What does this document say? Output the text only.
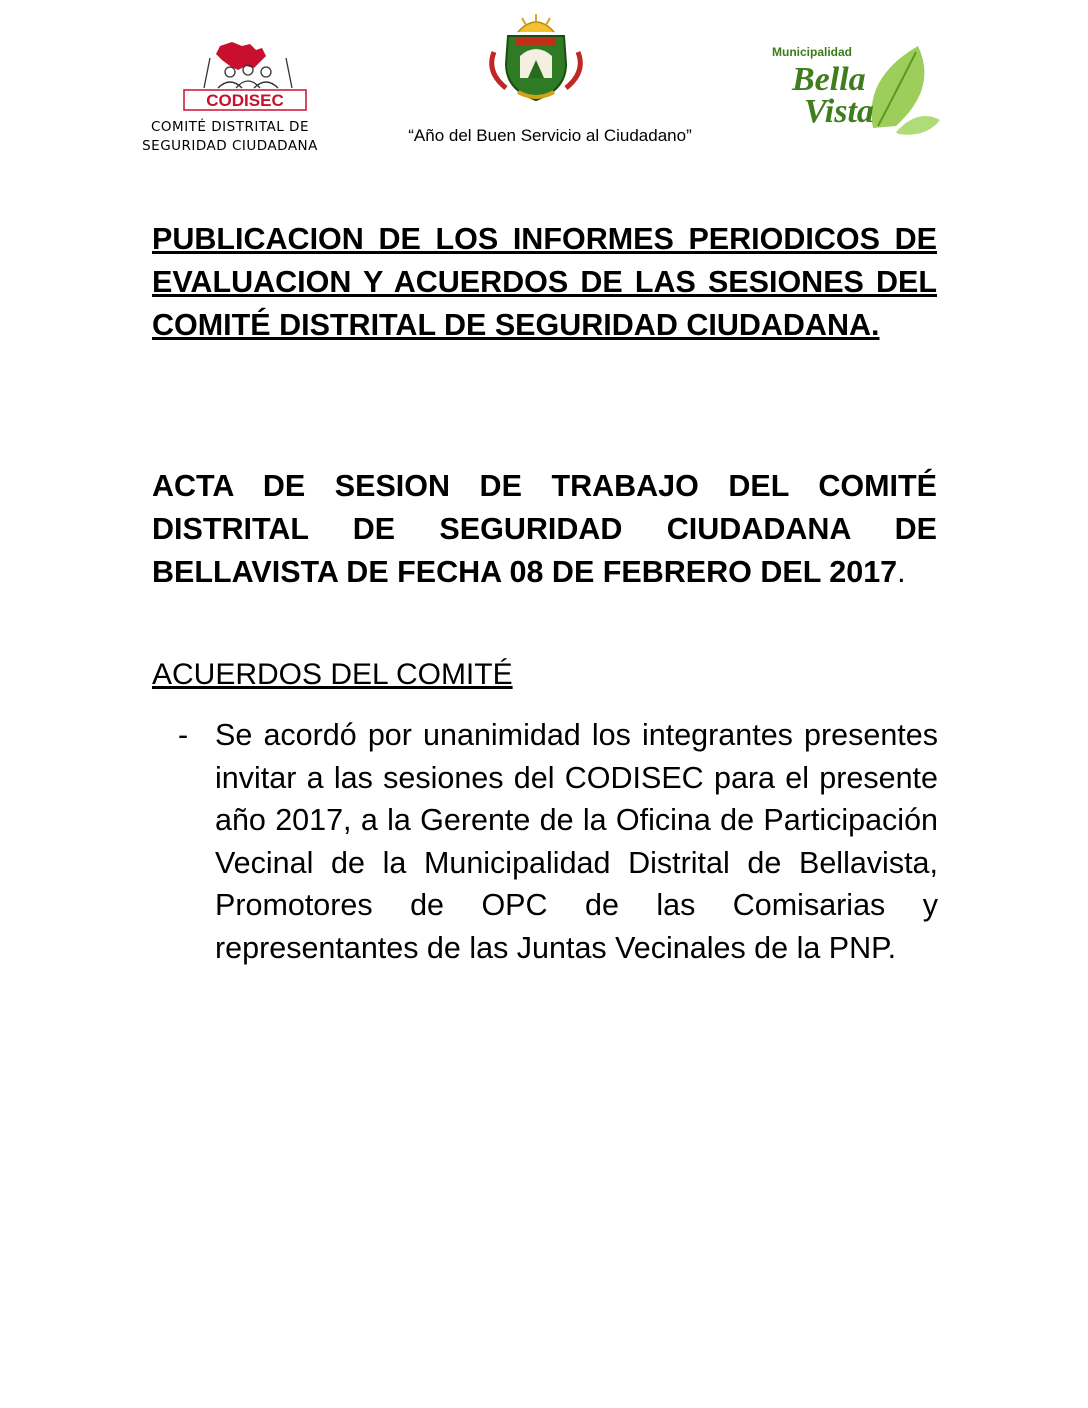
CODISEC
COMITÉ DISTRITAL DE
SEGURIDAD CIUDADANA
“Año del Buen Servicio al Ciudadano”
Municipalidad
Bella
Vista

PUBLICACION DE LOS INFORMES PERIODICOS DE EVALUACION Y ACUERDOS DE LAS SESIONES DEL COMITÉ DISTRITAL DE SEGURIDAD CIUDADANA.

ACTA DE SESION DE TRABAJO DEL COMITÉ DISTRITAL DE SEGURIDAD CIUDADANA DE BELLAVISTA DE FECHA 08 DE FEBRERO DEL 2017.

ACUERDOS DEL COMITÉ

- Se acordó por unanimidad los integrantes presentes invitar a las sesiones del CODISEC para el presente año 2017, a la Gerente de la Oficina de Participación Vecinal de la Municipalidad Distrital de Bellavista, Promotores de OPC de las Comisarias y representantes de las Juntas Vecinales de la PNP.
